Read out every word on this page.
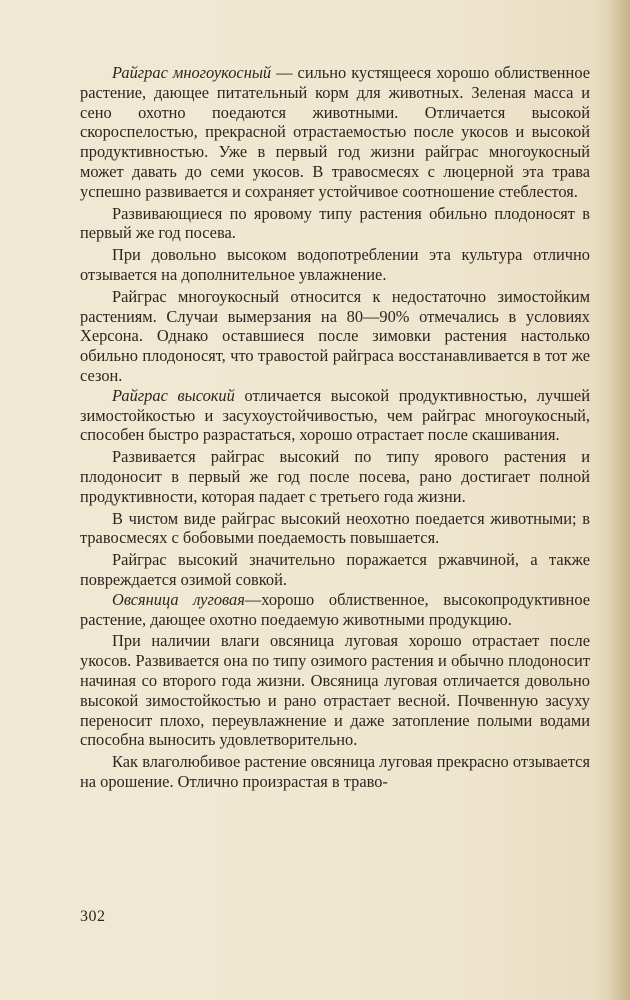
Райграс многоукосный — сильно кустящееся хорошо облиственное растение, дающее питательный корм для животных. Зеленая масса и сено охотно поедаются животными. Отличается высокой скороспелостью, прекрасной отрастаемостью после укосов и высокой продуктивностью. Уже в первый год жизни райграс многоукосный может давать до семи укосов. В травосмесях с люцерной эта трава успешно развивается и сохраняет устойчивое соотношение стеблестоя.

Развивающиеся по яровому типу растения обильно плодоносят в первый же год посева.

При довольно высоком водопотреблении эта культура отлично отзывается на дополнительное увлажнение.

Райграс многоукосный относится к недостаточно зимостойким растениям. Случаи вымерзания на 80—90% отмечались в условиях Херсона. Однако оставшиеся после зимовки растения настолько обильно плодоносят, что травостой райграса восстанавливается в тот же сезон.

Райграс высокий отличается высокой продуктивностью, лучшей зимостойкостью и засухоустойчивостью, чем райграс многоукосный, способен быстро разрастаться, хорошо отрастает после скашивания.

Развивается райграс высокий по типу ярового растения и плодоносит в первый же год после посева, рано достигает полной продуктивности, которая падает с третьего года жизни.

В чистом виде райграс высокий неохотно поедается животными; в травосмесях с бобовыми поедаемость повышается.

Райграс высокий значительно поражается ржавчиной, а также повреждается озимой совкой.

Овсяница луговая—хорошо облиственное, высокопродуктивное растение, дающее охотно поедаемую животными продукцию.

При наличии влаги овсяница луговая хорошо отрастает после укосов. Развивается она по типу озимого растения и обычно плодоносит начиная со второго года жизни. Овсяница луговая отличается довольно высокой зимостойкостью и рано отрастает весной. Почвенную засуху переносит плохо, переувлажнение и даже затопление полыми водами способна выносить удовлетворительно.

Как влаголюбивое растение овсяница луговая прекрасно отзывается на орошение. Отлично произрастая в траво-

302
